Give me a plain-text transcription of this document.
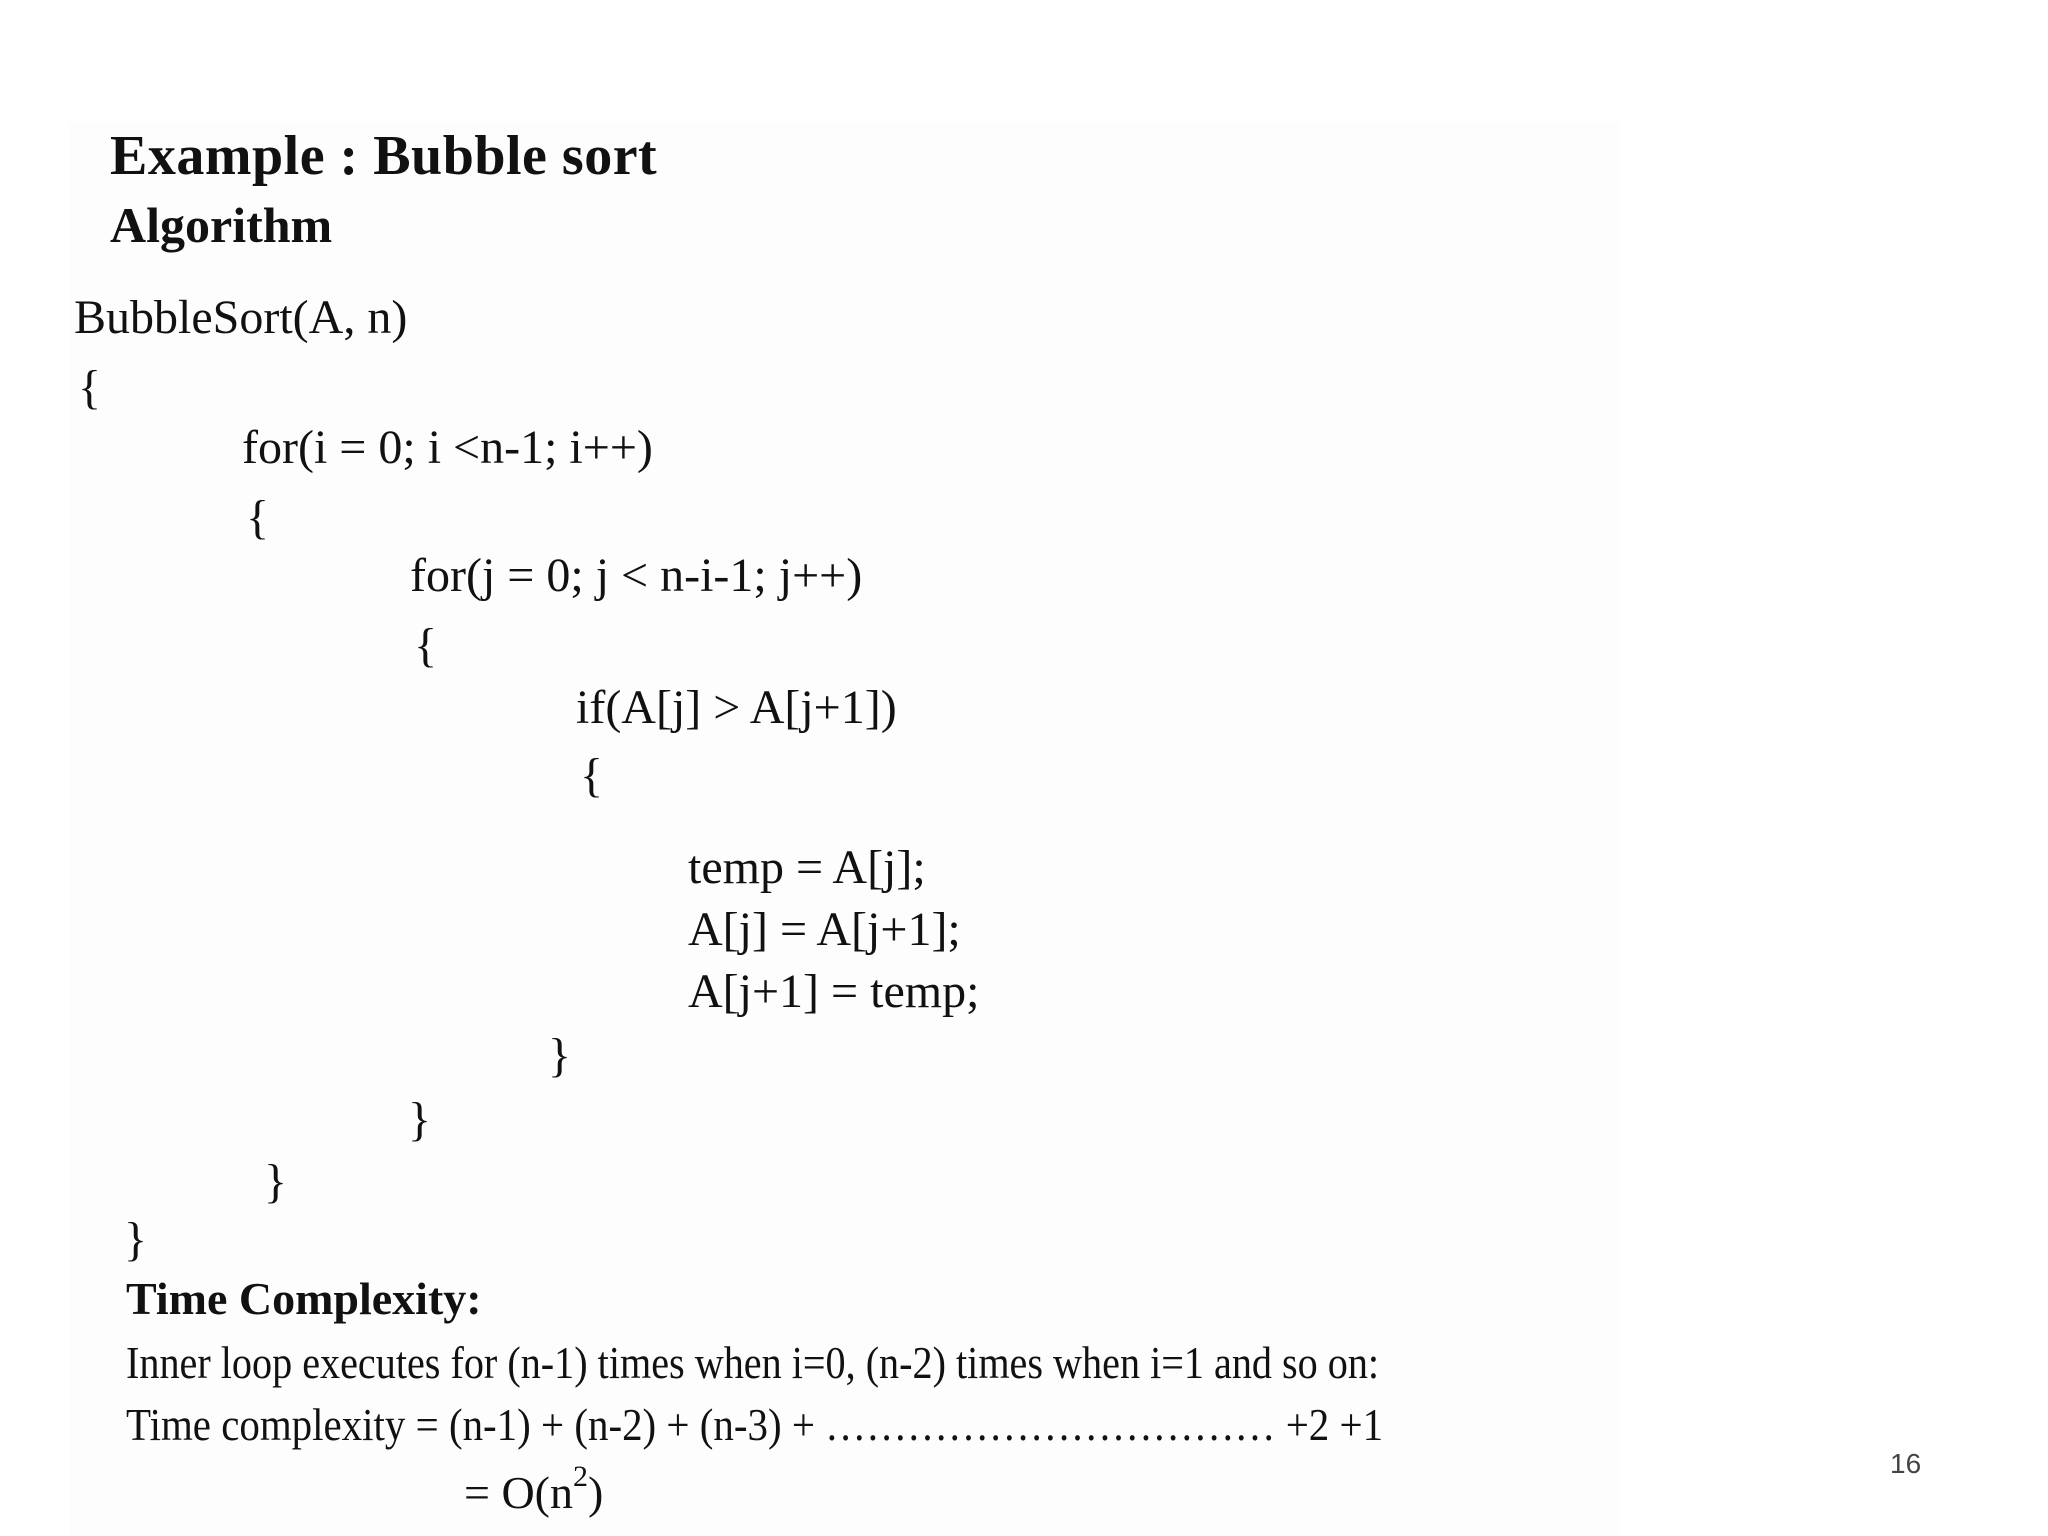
Example : Bubble sort
Algorithm
BubbleSort(A, n)
{
for(i = 0; i <n-1; i++)
{
for(j = 0; j < n-i-1; j++)
{
if(A[j] > A[j+1])
{
temp = A[j];
A[j] = A[j+1];
A[j+1] = temp;
}
}
}
}
Time Complexity:
Inner loop executes for (n-1) times when i=0, (n-2) times when i=1 and so on:
Time complexity = (n-1) + (n-2) + (n-3) + …………………………… +2 +1
= $O(n^2)$
16
